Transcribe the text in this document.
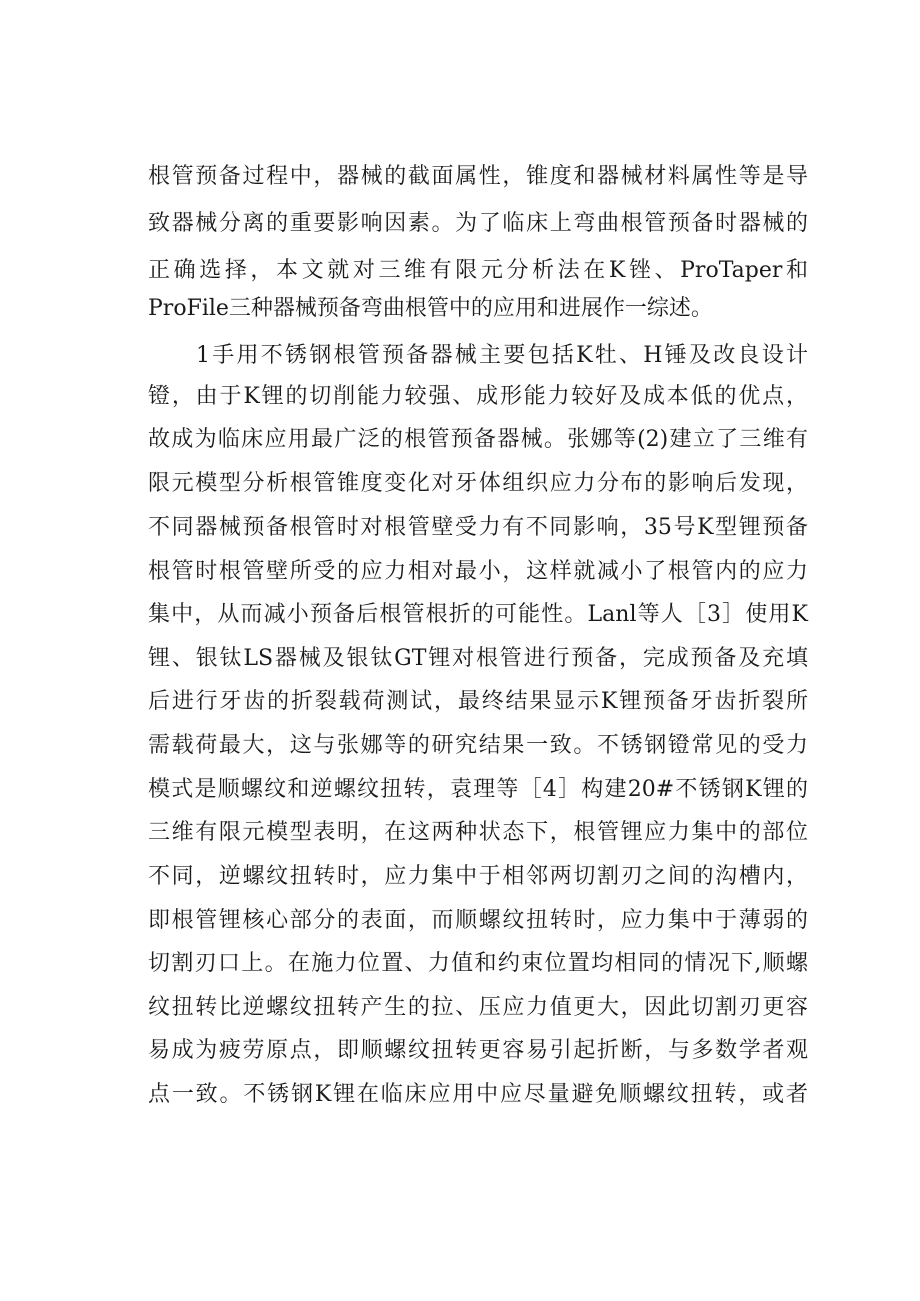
根管预备过程中，器械的截面属性，锥度和器械材料属性等是导
致器械分离的重要影响因素。为了临床上弯曲根管预备时器械的
正确选择，本文就对三维有限元分析法在K锉、ProTaper和
ProFile三种器械预备弯曲根管中的应用和进展作一综述。
1手用不锈钢根管预备器械主要包括K牡、H锤及改良设计
镫，由于K锂的切削能力较强、成形能力较好及成本低的优点，
故成为临床应用最广泛的根管预备器械。张娜等(2)建立了三维有
限元模型分析根管锥度变化对牙体组织应力分布的影响后发现，
不同器械预备根管时对根管壁受力有不同影响，35号K型锂预备
根管时根管壁所受的应力相对最小，这样就减小了根管内的应力
集中，从而减小预备后根管根折的可能性。Lanl等人［3］使用K
锂、银钛LS器械及银钛GT锂对根管进行预备，完成预备及充填
后进行牙齿的折裂载荷测试，最终结果显示K锂预备牙齿折裂所
需载荷最大，这与张娜等的研究结果一致。不锈钢镫常见的受力
模式是顺螺纹和逆螺纹扭转，袁理等［4］构建20#不锈钢K锂的
三维有限元模型表明，在这两种状态下，根管锂应力集中的部位
不同，逆螺纹扭转时，应力集中于相邻两切割刃之间的沟槽内，
即根管锂核心部分的表面，而顺螺纹扭转时，应力集中于薄弱的
切割刃口上。在施力位置、力值和约束位置均相同的情况下,顺螺
纹扭转比逆螺纹扭转产生的拉、压应力值更大，因此切割刃更容
易成为疲劳原点，即顺螺纹扭转更容易引起折断，与多数学者观
点一致。不锈钢K锂在临床应用中应尽量避免顺螺纹扭转，或者
